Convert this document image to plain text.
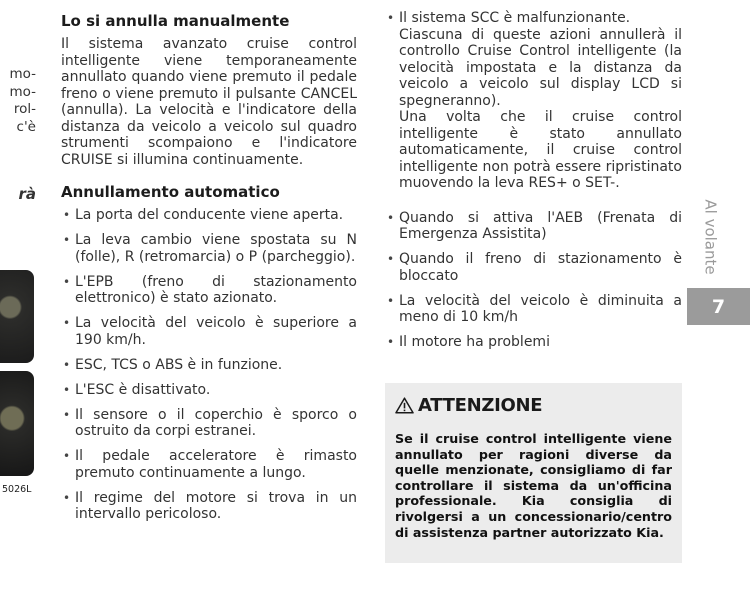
mo-
mo-
rol-
c'è
rà
5026L
Lo si annulla manualmente

Il sistema avanzato cruise control intelligente viene temporaneamente annullato quando viene premuto il pedale freno o viene premuto il pulsante CANCEL (annulla). La velocità e l'indicatore della distanza da veicolo a veicolo sul quadro strumenti scompaiono e l'indicatore CRUISE si illumina continuamente.

Annullamento automatico
• La porta del conducente viene aperta.
• La leva cambio viene spostata su N (folle), R (retromarcia) o P (parcheggio).
• L'EPB (freno di stazionamento elettronico) è stato azionato.
• La velocità del veicolo è superiore a 190 km/h.
• ESC, TCS o ABS è in funzione.
• L'ESC è disattivato.
• Il sensore o il coperchio è sporco o ostruito da corpi estranei.
• Il pedale acceleratore è rimasto premuto continuamente a lungo.
• Il regime del motore si trova in un intervallo pericoloso.
• Il sistema SCC è malfunzionante.
Ciascuna di queste azioni annullerà il controllo Cruise Control intelligente (la velocità impostata e la distanza da veicolo a veicolo sul display LCD si spegneranno).
Una volta che il cruise control intelligente è stato annullato automaticamente, il cruise control intelligente non potrà essere ripristinato muovendo la leva RES+ o SET-.
• Quando si attiva l'AEB (Frenata di Emergenza Assistita)
• Quando il freno di stazionamento è bloccato
• La velocità del veicolo è diminuita a meno di 10 km/h
• Il motore ha problemi
ATTENZIONE
Se il cruise control intelligente viene annullato per ragioni diverse da quelle menzionate, consigliamo di far controllare il sistema da un'officina professionale. Kia consiglia di rivolgersi a un concessionario/centro di assistenza partner autorizzato Kia.
Al volante
7
